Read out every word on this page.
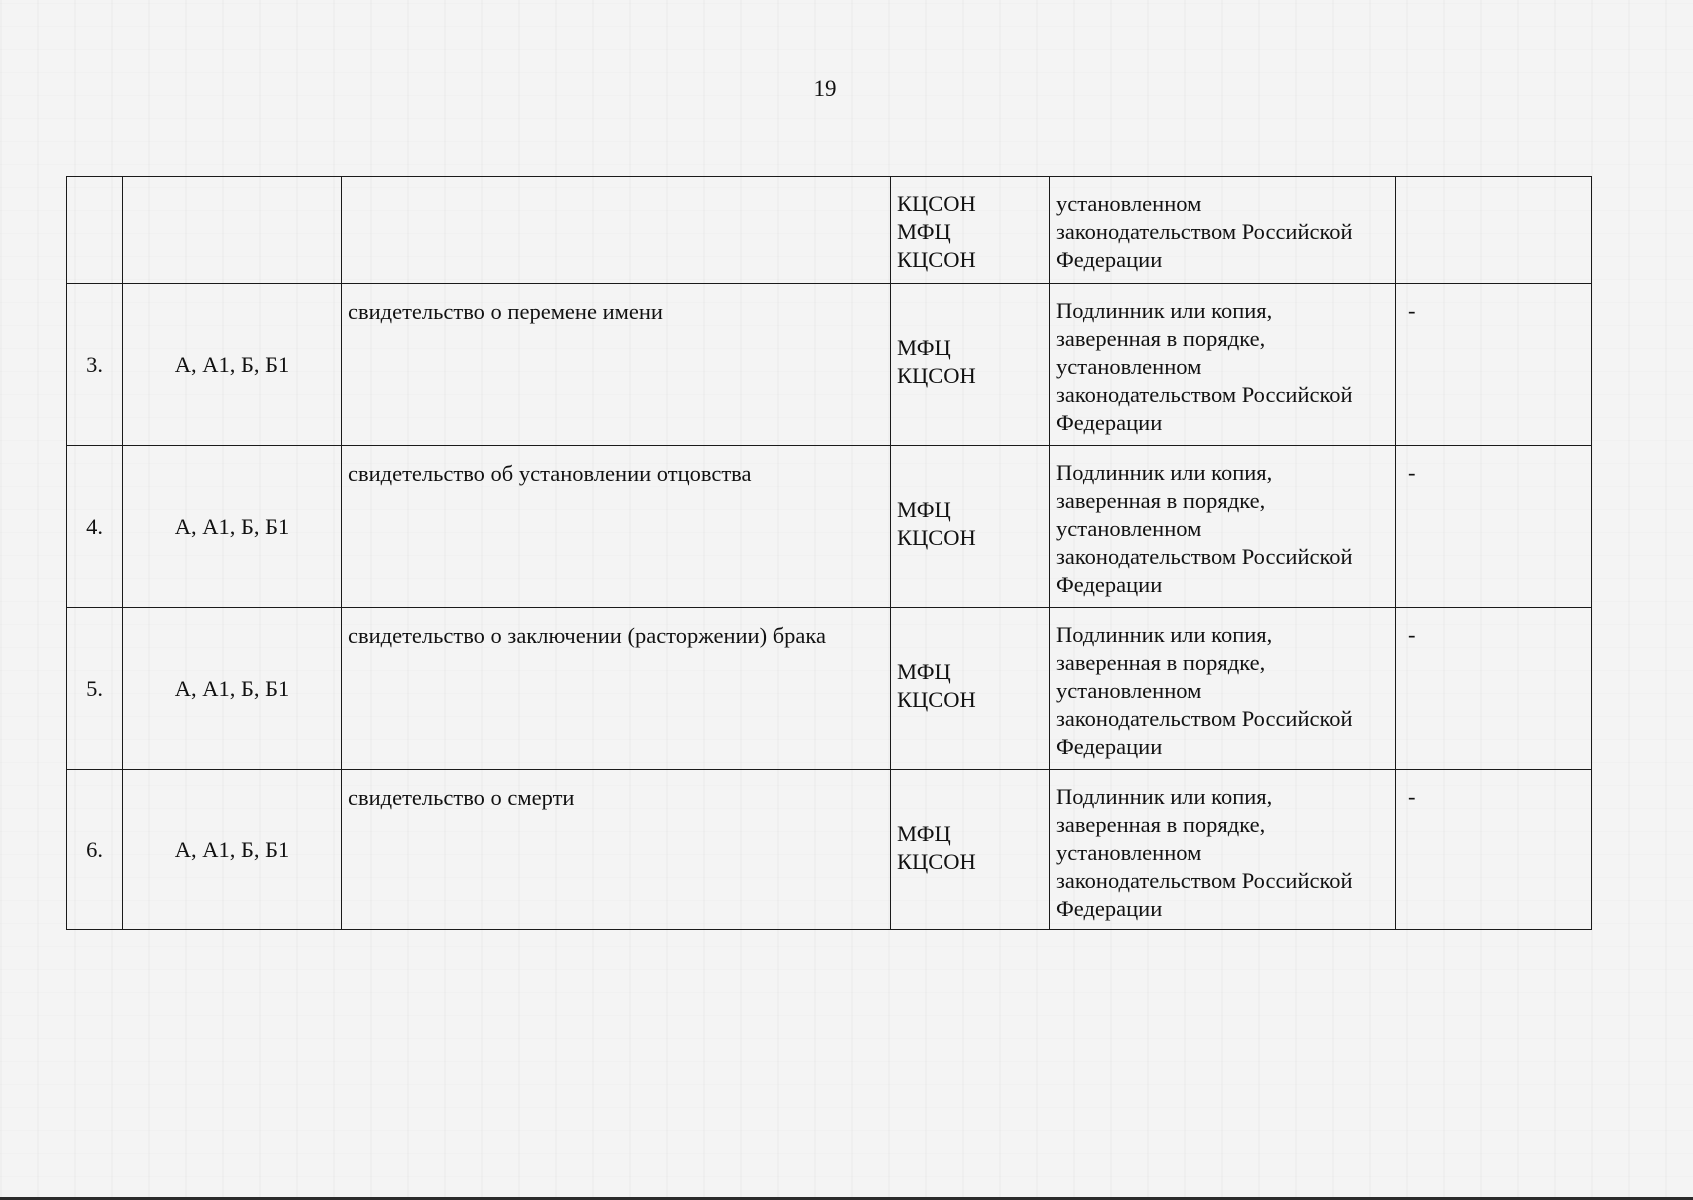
19

			КЦСОН
МФЦ
КЦСОН	установленном
законодательством Российской
Федерации	

3.	А, А1, Б, Б1	свидетельство о перемене имени	МФЦ
КЦСОН	Подлинник или копия,
заверенная в порядке,
установленном
законодательством Российской
Федерации	-

4.	А, А1, Б, Б1	свидетельство об установлении отцовства	МФЦ
КЦСОН	Подлинник или копия,
заверенная в порядке,
установленном
законодательством Российской
Федерации	-

5.	А, А1, Б, Б1	свидетельство о заключении (расторжении) брака	МФЦ
КЦСОН	Подлинник или копия,
заверенная в порядке,
установленном
законодательством Российской
Федерации	-

6.	А, А1, Б, Б1	свидетельство о смерти	МФЦ
КЦСОН	Подлинник или копия,
заверенная в порядке,
установленном
законодательством Российской
Федерации	-
